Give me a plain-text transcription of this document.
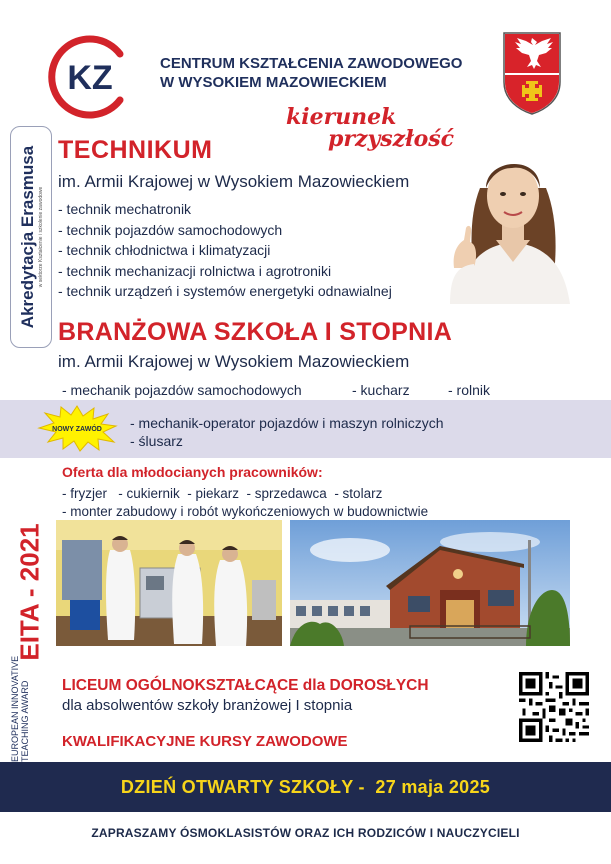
KZ	CENTRUM KSZTAŁCENIA ZAWODOWEGO
W WYSOKIEM MAZOWIECKIEM
kierunek
przyszłość
Akredytacja Erasmusa w sektorze Kształcenie i szkolenie zawodowe
TECHNIKUM
im. Armii Krajowej w Wysokiem Mazowieckiem
- technik mechatronik
- technik pojazdów samochodowych
- technik chłodnictwa i klimatyzacji
- technik mechanizacji rolnictwa i agrotroniki
- technik urządzeń i systemów energetyki odnawialnej
BRANŻOWA SZKOŁA I STOPNIA
im. Armii Krajowej w Wysokiem Mazowieckiem
- mechanik pojazdów samochodowych	- kucharz	- rolnik
NOWY ZAWÓD - mechanik-operator pojazdów i maszyn rolniczych
- ślusarz
EITA - 2021
EUROPEAN INNOVATIVE TEACHING AWARD
Oferta dla młodocianych pracowników:
- fryzjer   - cukiernik  - piekarz  - sprzedawca  - stolarz
- monter zabudowy i robót wykończeniowych w budownictwie
LICEUM OGÓLNOKSZTAŁCĄCE dla DOROSŁYCH
dla absolwentów szkoły branżowej I stopnia
KWALIFIKACYJNE KURSY ZAWODOWE
DZIEŃ OTWARTY SZKOŁY -  27 maja 2025
ZAPRASZAMY ÓSMOKLASISTÓW ORAZ ICH RODZICÓW I NAUCZYCIELI
